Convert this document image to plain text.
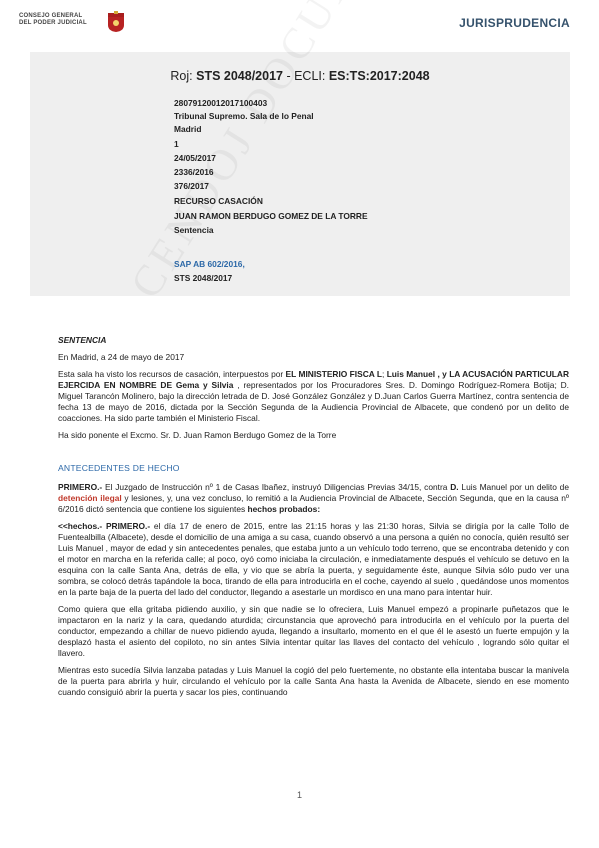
CONSEJO GENERAL
DEL PODER JUDICIAL	JURISPRUDENCIA
Roj: STS 2048/2017 - ECLI: ES:TS:2017:2048
28079120012017100403
Tribunal Supremo. Sala de lo Penal
Madrid
1
24/05/2017
2336/2016
376/2017
RECURSO CASACIÓN
JUAN RAMON BERDUGO GOMEZ DE LA TORRE
Sentencia
SAP AB 602/2016,
STS 2048/2017
SENTENCIA
En Madrid, a 24 de mayo de 2017
Esta sala ha visto los recursos de casación, interpuestos por EL MINISTERIO FISCA L; Luis Manuel , y LA ACUSACIÓN PARTICULAR EJERCIDA EN NOMBRE DE Gema y Silvia , representados por los Procuradores Sres. D. Domingo Rodríguez-Romera Botija; D. Miguel Tarancón Molinero, bajo la dirección letrada de D. José González González y D.Juan Carlos Guerra Martínez, contra sentencia de fecha 13 de mayo de 2016, dictada por la Sección Segunda de la Audiencia Provincial de Albacete, que condenó por un delito de coacciones. Ha sido parte también el Ministerio Fiscal.
Ha sido ponente el Excmo. Sr. D. Juan Ramon Berdugo Gomez de la Torre
ANTECEDENTES DE HECHO
PRIMERO.- El Juzgado de Instrucción nº 1 de Casas Ibañez, instruyó Diligencias Previas 34/15, contra D. Luis Manuel por un delito de detención ilegal y lesiones, y, una vez concluso, lo remitió a la Audiencia Provincial de Albacete, Sección Segunda, que en la causa nº 6/2016 dictó sentencia que contiene los siguientes hechos probados:
<<hechos.- PRIMERO.- el día 17 de enero de 2015, entre las 21:15 horas y las 21:30 horas, Silvia se dirigía por la calle Tollo de Fuentealbilla (Albacete), desde el domicilio de una amiga a su casa, cuando observó a una persona a quién no conocía, quién resultó ser Luis Manuel , mayor de edad y sin antecedentes penales, que estaba junto a un vehículo todo terreno, que se encontraba detenido y con el motor en marcha en la referida calle; al poco, oyó como iniciaba la circulación, e inmediatamente después el vehículo se detuvo en la esquina con la calle Santa Ana, detrás de ella, y vio que se abría la puerta, y seguidamente éste, aunque Silvia sólo pudo ver una sombra, se colocó detrás tapándole la boca, tirando de ella para introducirla en el coche, cayendo al suelo , quedándose unos momentos en la parte baja de la puerta del lado del conductor, llegando a asestarle un mordisco en una mano para intentar huir.
Como quiera que ella gritaba pidiendo auxilio, y sin que nadie se lo ofreciera, Luis Manuel empezó a propinarle puñetazos que le impactaron en la nariz y la cara, quedando aturdida; circunstancia que aprovechó para introducirla en el vehículo por la puerta del conductor, empezando a chillar de nuevo pidiendo ayuda, llegando a insultarlo, momento en el que él le asestó un fuerte empujón y la desplazó hasta el asiento del copiloto, no sin antes Silvia intentar quitar las llaves del contacto del vehículo , logrando sólo quitar el llavero.
Mientras esto sucedía Silvia lanzaba patadas y Luis Manuel la cogió del pelo fuertemente, no obstante ella intentaba buscar la manivela de la puerta para abrirla y huir, circulando el vehículo por la calle Santa Ana hasta la Avenida de Albacete, siendo en ese momento cuando consiguió abrir la puerta y sacar los pies, continuando
1
